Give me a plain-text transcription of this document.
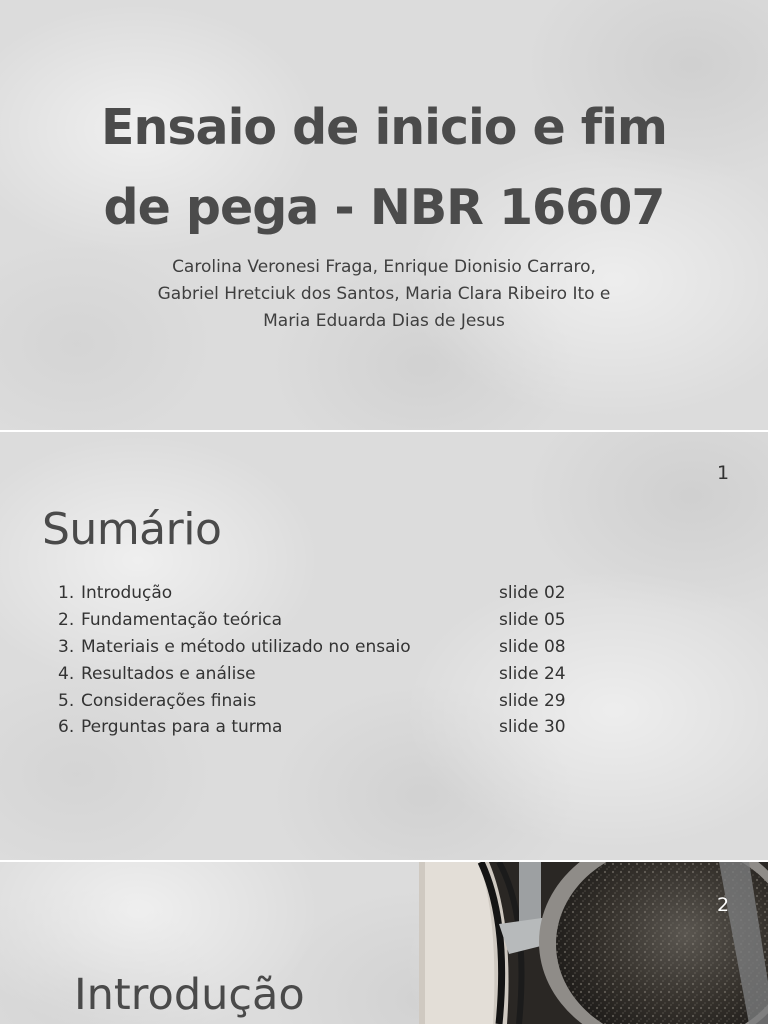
Ensaio de inicio e fim
de pega - NBR 16607
Carolina Veronesi Fraga, Enrique Dionisio Carraro,
Gabriel Hretciuk dos Santos, Maria Clara Ribeiro Ito e
Maria Eduarda Dias de Jesus
1
Sumário
1. Introdução	slide 02
2. Fundamentação teórica	slide 05
3. Materiais e método utilizado no ensaio	slide 08
4. Resultados e análise	slide 24
5. Considerações finais	slide 29
6. Perguntas para a turma	slide 30
Introdução
2
